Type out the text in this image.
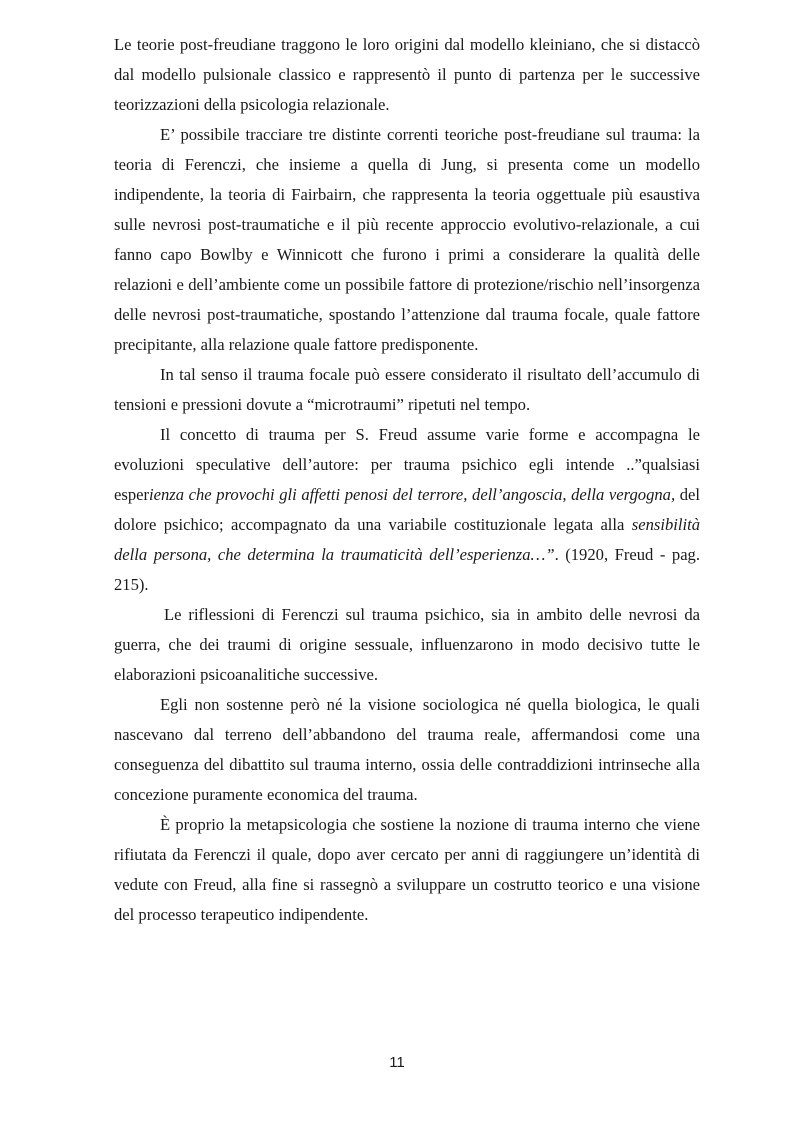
Le teorie post-freudiane traggono le loro origini dal modello kleiniano, che si distaccò dal modello pulsionale classico e rappresentò il punto di partenza per le successive teorizzazioni della psicologia relazionale.

E’ possibile tracciare tre distinte correnti teoriche post-freudiane sul trauma: la teoria di Ferenczi, che insieme a quella di Jung, si presenta come un modello indipendente, la teoria di Fairbairn, che rappresenta la teoria oggettuale più esaustiva sulle nevrosi post-traumatiche e il più recente approccio evolutivo-relazionale, a cui fanno capo Bowlby e Winnicott che furono i primi a considerare la qualità delle relazioni e dell’ambiente come un possibile fattore di protezione/rischio nell’insorgenza delle nevrosi post-traumatiche, spostando l’attenzione dal trauma focale, quale fattore precipitante, alla relazione quale fattore predisponente.

In tal senso il trauma focale può essere considerato il risultato dell’accumulo di tensioni e pressioni dovute a “microtraumi” ripetuti nel tempo.

Il concetto di trauma per S. Freud assume varie forme e accompagna le evoluzioni speculative dell’autore: per trauma psichico egli intende ..”qualsiasi esperienza che provochi gli affetti penosi del terrore, dell’angoscia, della vergogna, del dolore psichico; accompagnato da una variabile costituzionale legata alla sensibilità della persona, che determina la traumaticità dell’esperienza…”. (1920, Freud - pag. 215).

Le riflessioni di Ferenczi sul trauma psichico, sia in ambito delle nevrosi da guerra, che dei traumi di origine sessuale, influenzarono in modo decisivo tutte le elaborazioni psicoanalitiche successive.

Egli non sostenne però né la visione sociologica né quella biologica, le quali nascevano dal terreno dell’abbandono del trauma reale, affermandosi come una conseguenza del dibattito sul trauma interno, ossia delle contraddizioni intrinseche alla concezione puramente economica del trauma.

È proprio la metapsicologia che sostiene la nozione di trauma interno che viene rifiutata da Ferenczi il quale, dopo aver cercato per anni di raggiungere un’identità di vedute con Freud, alla fine si rassegnò a sviluppare un costrutto teorico e una visione del processo terapeutico indipendente.

11
